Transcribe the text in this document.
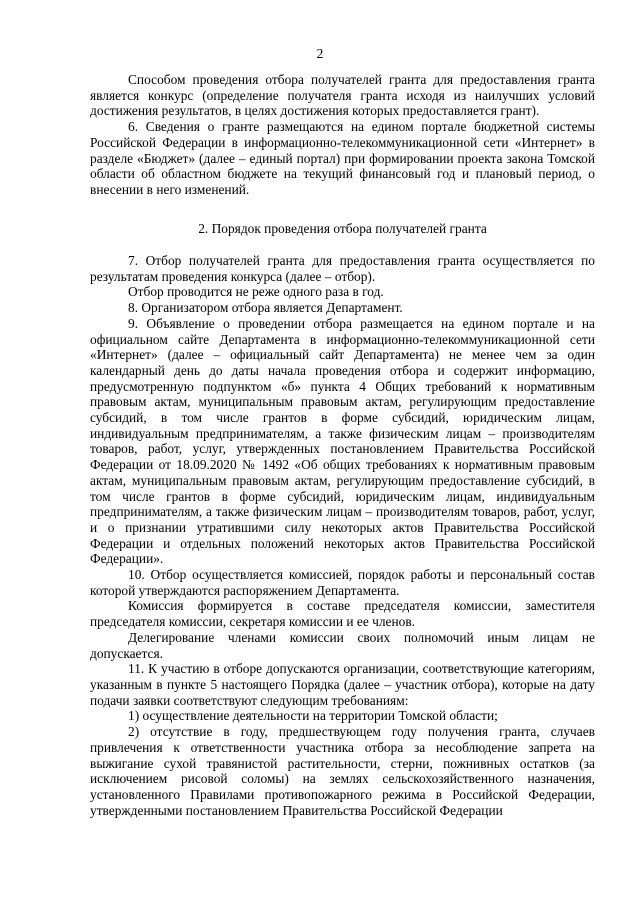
2

Способом проведения отбора получателей гранта для предоставления гранта является конкурс (определение получателя гранта исходя из наилучших условий достижения результатов, в целях достижения которых предоставляется грант).

6. Сведения о гранте размещаются на едином портале бюджетной системы Российской Федерации в информационно-телекоммуникационной сети «Интернет» в разделе «Бюджет» (далее – единый портал) при формировании проекта закона Томской области об областном бюджете на текущий финансовый год и плановый период, о внесении в него изменений.

2. Порядок проведения отбора получателей гранта

7. Отбор получателей гранта для предоставления гранта осуществляется по результатам проведения конкурса (далее – отбор).

Отбор проводится не реже одного раза в год.

8. Организатором отбора является Департамент.

9. Объявление о проведении отбора размещается на едином портале и на официальном сайте Департамента в информационно-телекоммуникационной сети «Интернет» (далее – официальный сайт Департамента) не менее чем за один календарный день до даты начала проведения отбора и содержит информацию, предусмотренную подпунктом «б» пункта 4 Общих требований к нормативным правовым актам, муниципальным правовым актам, регулирующим предоставление субсидий, в том числе грантов в форме субсидий, юридическим лицам, индивидуальным предпринимателям, а также физическим лицам – производителям товаров, работ, услуг, утвержденных постановлением Правительства Российской Федерации от 18.09.2020 № 1492 «Об общих требованиях к нормативным правовым актам, муниципальным правовым актам, регулирующим предоставление субсидий, в том числе грантов в форме субсидий, юридическим лицам, индивидуальным предпринимателям, а также физическим лицам – производителям товаров, работ, услуг, и о признании утратившими силу некоторых актов Правительства Российской Федерации и отдельных положений некоторых актов Правительства Российской Федерации».

10. Отбор осуществляется комиссией, порядок работы и персональный состав которой утверждаются распоряжением Департамента.

Комиссия формируется в составе председателя комиссии, заместителя председателя комиссии, секретаря комиссии и ее членов.

Делегирование членами комиссии своих полномочий иным лицам не допускается.

11. К участию в отборе допускаются организации, соответствующие категориям, указанным в пункте 5 настоящего Порядка (далее – участник отбора), которые на дату подачи заявки соответствуют следующим требованиям:

1) осуществление деятельности на территории Томской области;

2) отсутствие в году, предшествующем году получения гранта, случаев привлечения к ответственности участника отбора за несоблюдение запрета на выжигание сухой травянистой растительности, стерни, пожнивных остатков (за исключением рисовой соломы) на землях сельскохозяйственного назначения, установленного Правилами противопожарного режима в Российской Федерации, утвержденными постановлением Правительства Российской Федерации
